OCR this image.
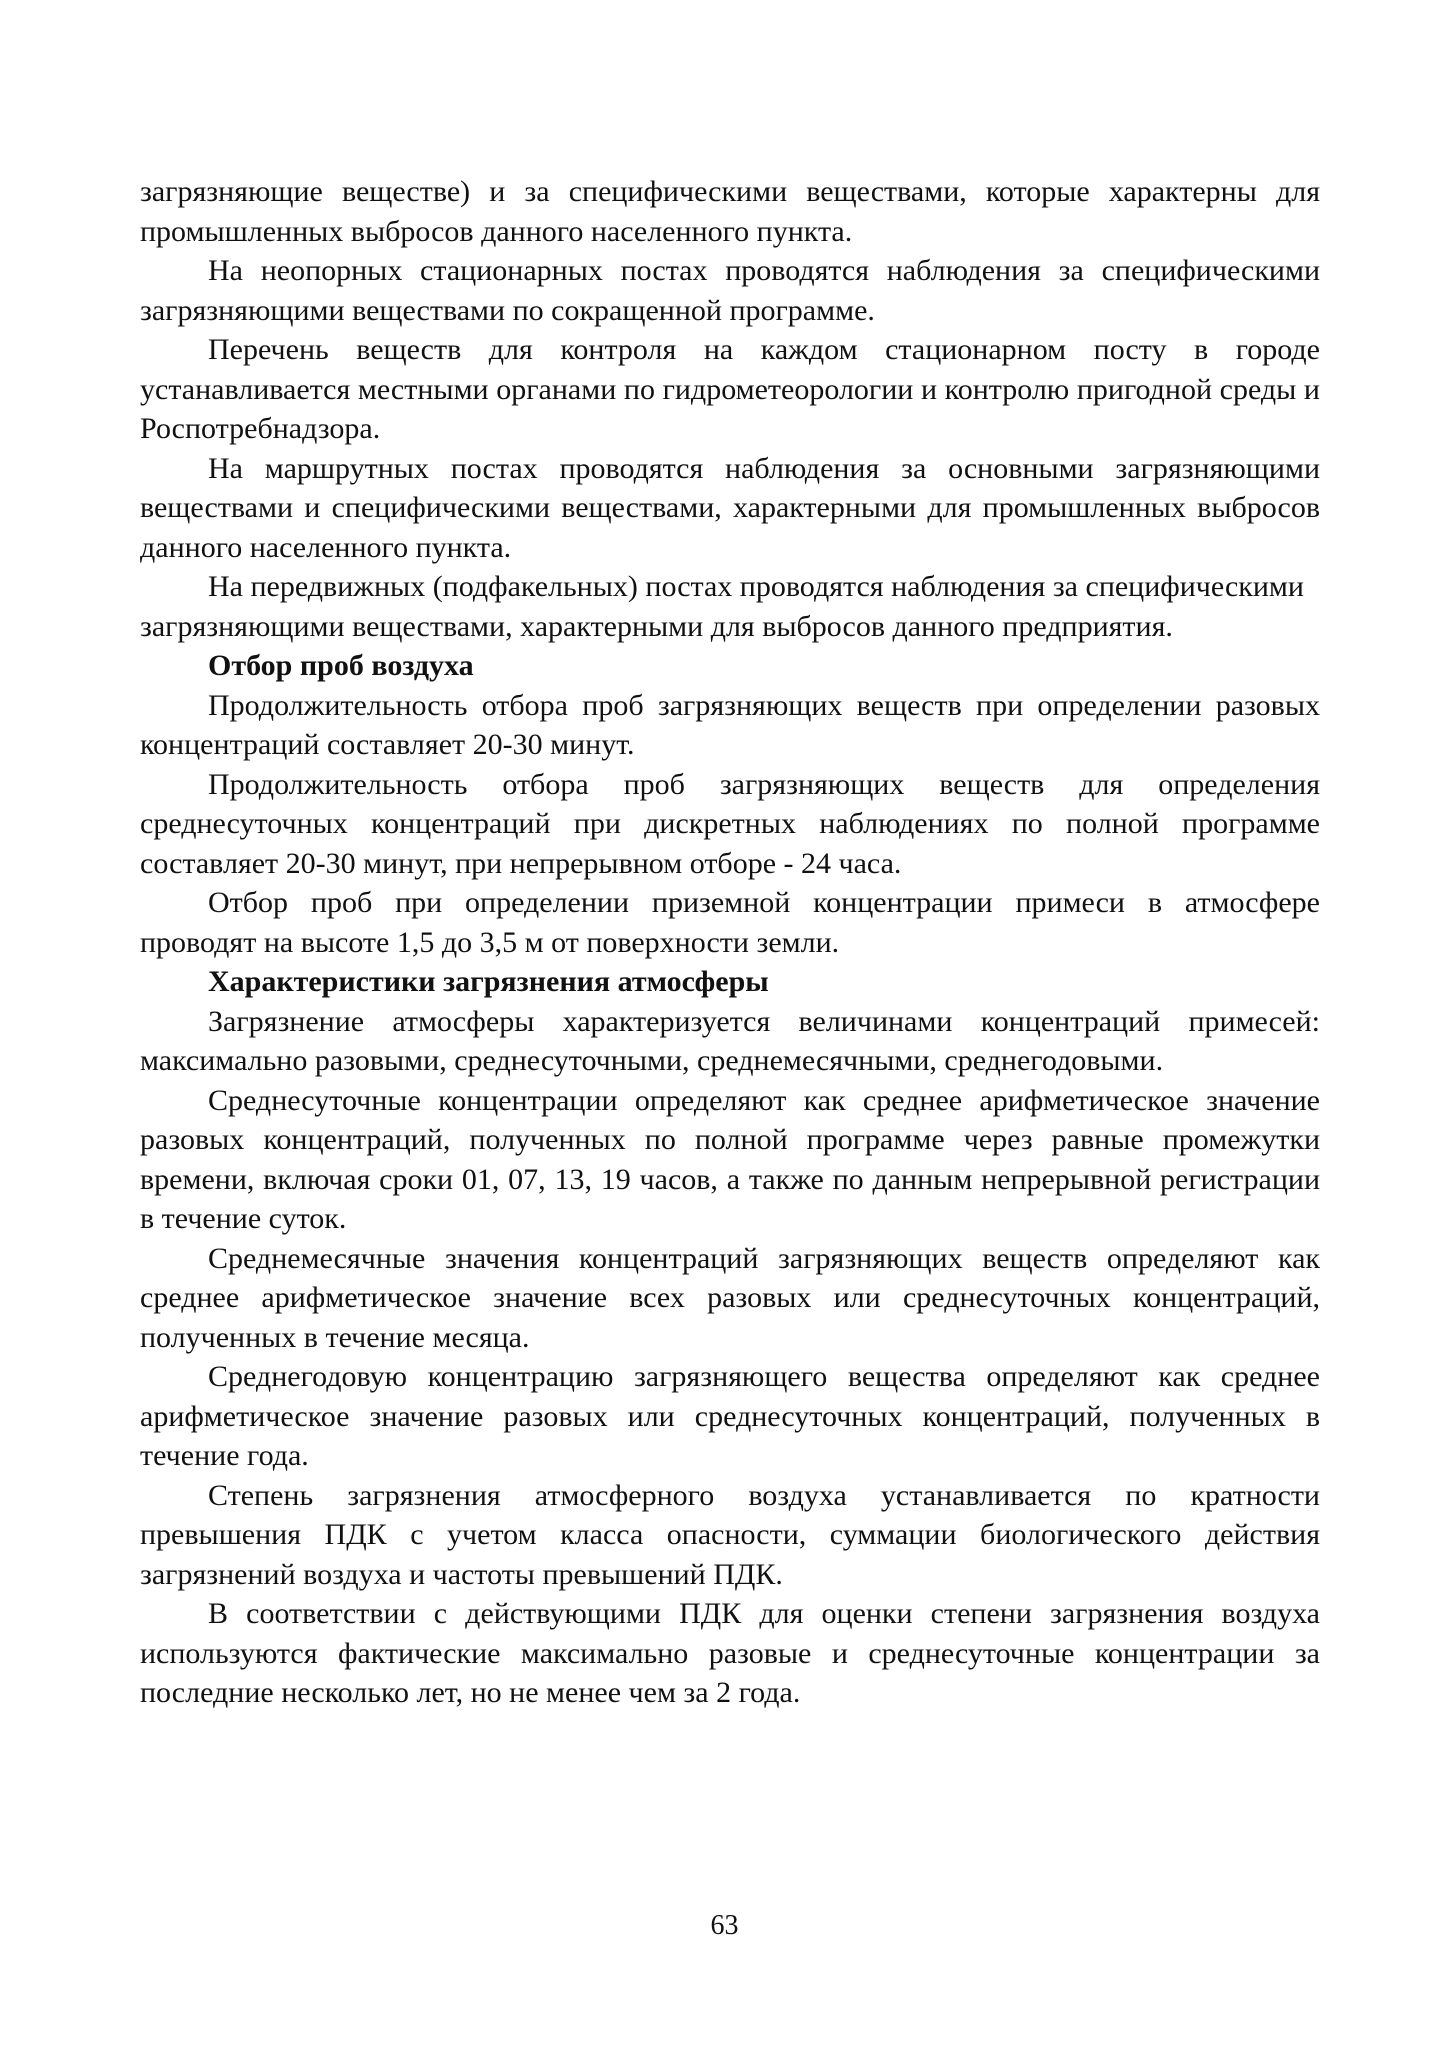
загрязняющие веществе) и за специфическими веществами, которые характерны для промышленных выбросов данного населенного пункта.

На неопорных стационарных постах проводятся наблюдения за специфическими загрязняющими веществами по сокращенной программе.

Перечень веществ для контроля на каждом стационарном посту в городе устанавливается местными органами по гидрометеорологии и контролю пригодной среды и Роспотребнадзора.

На маршрутных постах проводятся наблюдения за основными загрязняющими веществами и специфическими веществами, характерными для промышленных выбросов данного населенного пункта.

На передвижных (подфакельных) постах проводятся наблюдения за специфическими загрязняющими веществами, характерными для выбросов данного предприятия.

Отбор проб воздуха

Продолжительность отбора проб загрязняющих веществ при определении разовых концентраций составляет 20-30 минут.

Продолжительность отбора проб загрязняющих веществ для определения среднесуточных концентраций при дискретных наблюдениях по полной программе составляет 20-30 минут, при непрерывном отборе - 24 часа.

Отбор проб при определении приземной концентрации примеси в атмосфере проводят на высоте 1,5 до 3,5 м от поверхности земли.

Характеристики загрязнения атмосферы

Загрязнение атмосферы характеризуется величинами концентраций примесей: максимально разовыми, среднесуточными, среднемесячными, среднегодовыми.

Среднесуточные концентрации определяют как среднее арифметическое значение разовых концентраций, полученных по полной программе через равные промежутки времени, включая сроки 01, 07, 13, 19 часов, а также по данным непрерывной регистрации в течение суток.

Среднемесячные значения концентраций загрязняющих веществ определяют как среднее арифметическое значение всех разовых или среднесуточных концентраций, полученных в течение месяца.

Среднегодовую концентрацию загрязняющего вещества определяют как среднее арифметическое значение разовых или среднесуточных концентраций, полученных в течение года.

Степень загрязнения атмосферного воздуха устанавливается по кратности превышения ПДК с учетом класса опасности, суммации биологического действия загрязнений воздуха и частоты превышений ПДК.

В соответствии с действующими ПДК для оценки степени загрязнения воздуха используются фактические максимально разовые и среднесуточные концентрации за последние несколько лет, но не менее чем за 2 года.

63
